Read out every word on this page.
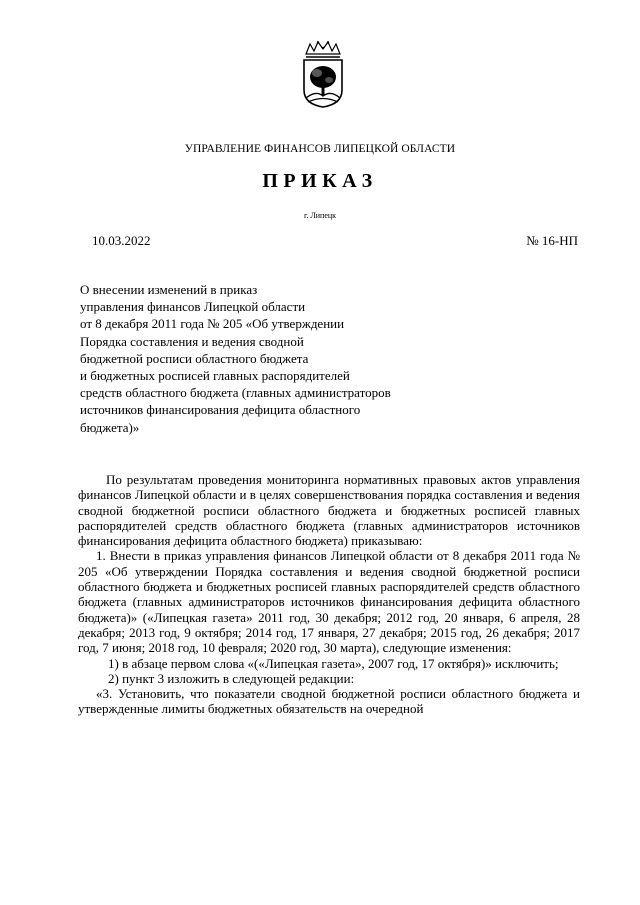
УПРАВЛЕНИЕ ФИНАНСОВ ЛИПЕЦКОЙ ОБЛАСТИ
ПРИКАЗ
г. Липецк
10.03.2022	№ 16-НП
О внесении изменений в приказ
управления финансов Липецкой области
от 8 декабря 2011 года № 205 «Об утверждении
Порядка составления и ведения сводной
бюджетной росписи областного бюджета
и бюджетных росписей главных распорядителей
средств областного бюджета (главных администраторов
источников финансирования дефицита областного
бюджета)»

По результатам проведения мониторинга нормативных правовых актов управления финансов Липецкой области и в целях совершенствования порядка составления и ведения сводной бюджетной росписи областного бюджета и бюджетных росписей главных распорядителей средств областного бюджета (главных администраторов источников финансирования дефицита областного бюджета) приказываю:

1. Внести в приказ управления финансов Липецкой области от 8 декабря 2011 года № 205 «Об утверждении Порядка составления и ведения сводной бюджетной росписи областного бюджета и бюджетных росписей главных распорядителей средств областного бюджета (главных администраторов источников финансирования дефицита областного бюджета)» («Липецкая газета» 2011 год, 30 декабря; 2012 год, 20 января, 6 апреля, 28 декабря; 2013 год, 9 октября; 2014 год, 17 января, 27 декабря; 2015 год, 26 декабря; 2017 год, 7 июня; 2018 год, 10 февраля; 2020 год, 30 марта), следующие изменения:

1) в абзаце первом слова «(«Липецкая газета», 2007 год, 17 октября)» исключить;

2) пункт 3 изложить в следующей редакции:

«3. Установить, что показатели сводной бюджетной росписи областного бюджета и утвержденные лимиты бюджетных обязательств на очередной
